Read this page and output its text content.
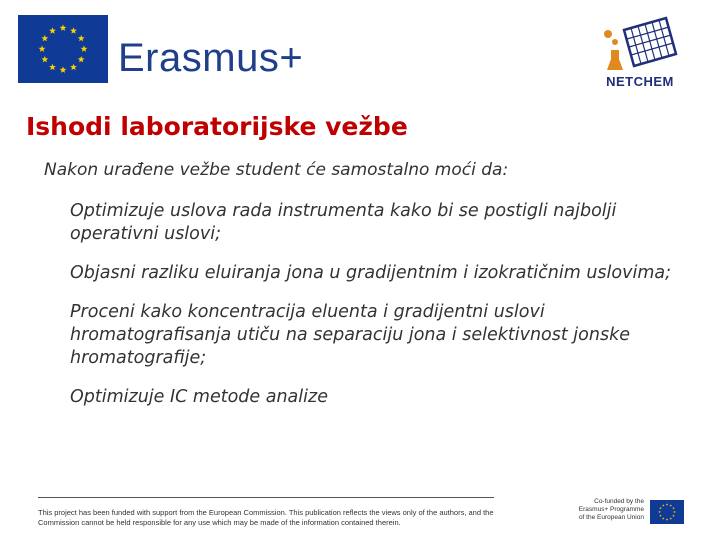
Erasmus+
NETCHEM
Ishodi laboratorijske vežbe
Nakon urađene vežbe student će samostalno moći da:
Optimizuje uslova rada instrumenta kako bi se postigli najbolji operativni uslovi;
Objasni razliku eluiranja jona u gradijentnim i izokratičnim uslovima;
Proceni kako koncentracija eluenta i gradijentni uslovi hromatografisanja utiču na separaciju jona i selektivnost jonske hromatografije;
Optimizuje IC metode analize
This project has been funded with support from the European Commission. This publication reflects the views only of the authors, and the Commission cannot be held responsible for any use which may be made of the information contained therein.
Co-funded by the
Erasmus+ Programme
of the European Union
